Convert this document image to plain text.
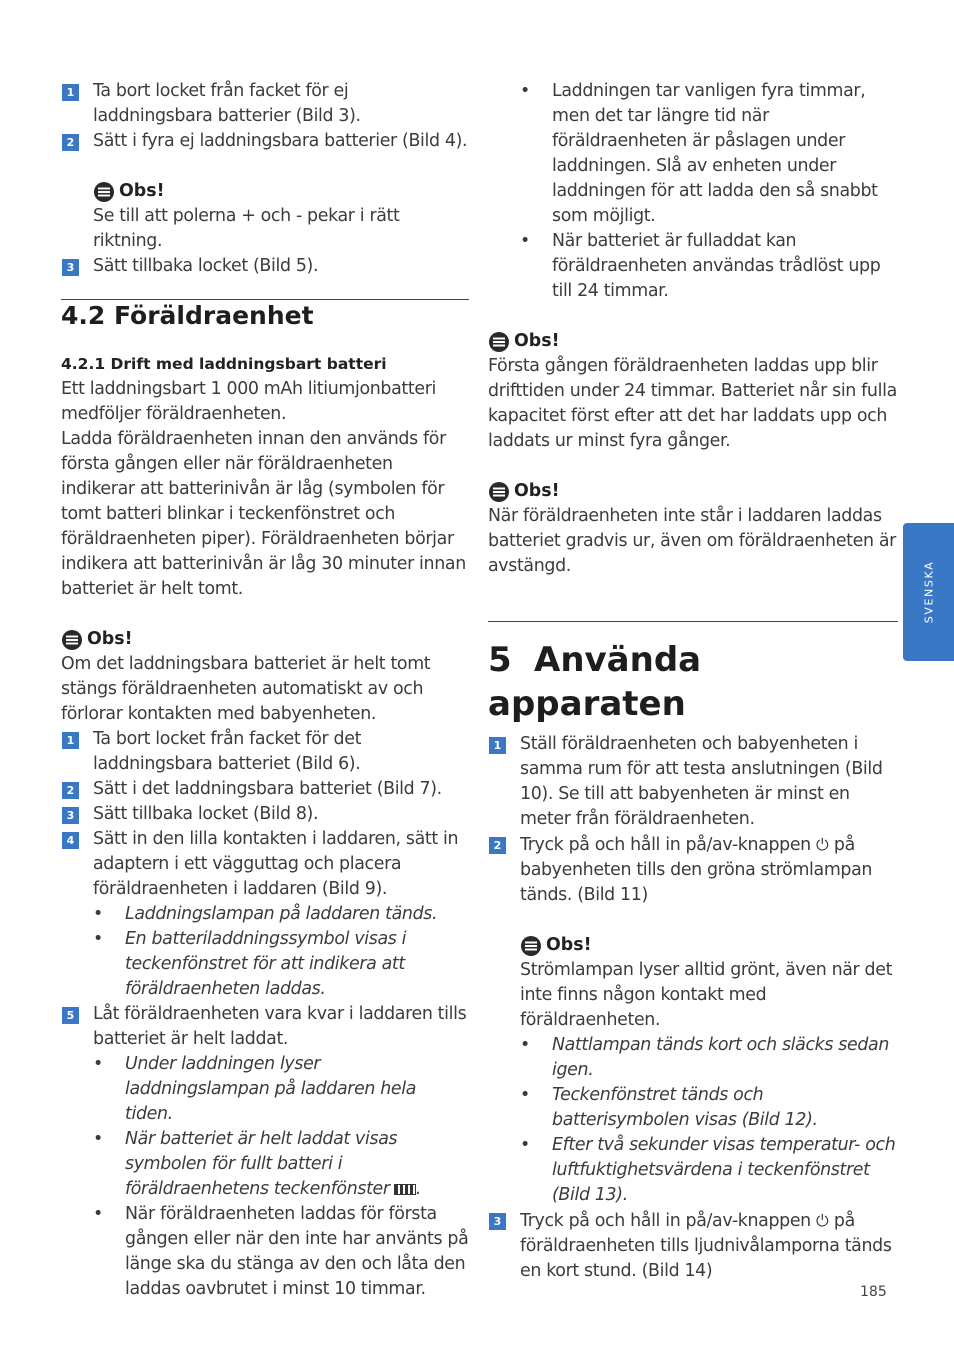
1 Ta bort locket från facket för ej laddningsbara batterier (Bild 3).
2 Sätt i fyra ej laddningsbara batterier (Bild 4).
Obs!
Se till att polerna + och - pekar i rätt riktning.
3 Sätt tillbaka locket (Bild 5).
4.2 Föräldraenhet
4.2.1 Drift med laddningsbart batteri
Ett laddningsbart 1 000 mAh litiumjonbatteri medföljer föräldraenheten.
Ladda föräldraenheten innan den används för första gången eller när föräldraenheten indikerar att batterinivån är låg (symbolen för tomt batteri blinkar i teckenfönstret och föräldraenheten piper). Föräldraenheten börjar indikera att batterinivån är låg 30 minuter innan batteriet är helt tomt.
Obs!
Om det laddningsbara batteriet är helt tomt stängs föräldraenheten automatiskt av och förlorar kontakten med babyenheten.
1 Ta bort locket från facket för det laddningsbara batteriet (Bild 6).
2 Sätt i det laddningsbara batteriet (Bild 7).
3 Sätt tillbaka locket (Bild 8).
4 Sätt in den lilla kontakten i laddaren, sätt in adaptern i ett vägguttag och placera föräldraenheten i laddaren (Bild 9).
• Laddningslampan på laddaren tänds.
• En batteriladdningssymbol visas i teckenfönstret för att indikera att föräldraenheten laddas.
5 Låt föräldraenheten vara kvar i laddaren tills batteriet är helt laddat.
• Under laddningen lyser laddningslampan på laddaren hela tiden.
• När batteriet är helt laddat visas symbolen för fullt batteri i föräldraenhetens teckenfönster .
• När föräldraenheten laddas för första gången eller när den inte har använts på länge ska du stänga av den och låta den laddas oavbrutet i minst 10 timmar.
• Laddningen tar vanligen fyra timmar, men det tar längre tid när föräldraenheten är påslagen under laddningen. Slå av enheten under laddningen för att ladda den så snabbt som möjligt.
• När batteriet är fulladdat kan föräldraenheten användas trådlöst upp till 24 timmar.
Obs!
Första gången föräldraenheten laddas upp blir drifttiden under 24 timmar. Batteriet når sin fulla kapacitet först efter att det har laddats upp och laddats ur minst fyra gånger.
Obs!
När föräldraenheten inte står i laddaren laddas batteriet gradvis ur, även om föräldraenheten är avstängd.
5 Använda apparaten
1 Ställ föräldraenheten och babyenheten i samma rum för att testa anslutningen (Bild 10). Se till att babyenheten är minst en meter från föräldraenheten.
2 Tryck på och håll in på/av-knappen ⏻ på babyenheten tills den gröna strömlampan tänds. (Bild 11)
Obs!
Strömlampan lyser alltid grönt, även när det inte finns någon kontakt med föräldraenheten.
• Nattlampan tänds kort och släcks sedan igen.
• Teckenfönstret tänds och batterisymbolen visas (Bild 12).
• Efter två sekunder visas temperatur- och luftfuktighetsvärdena i teckenfönstret (Bild 13).
3 Tryck på och håll in på/av-knappen ⏻ på föräldraenheten tills ljudnivålamporna tänds en kort stund. (Bild 14)
SVENSKA
185
